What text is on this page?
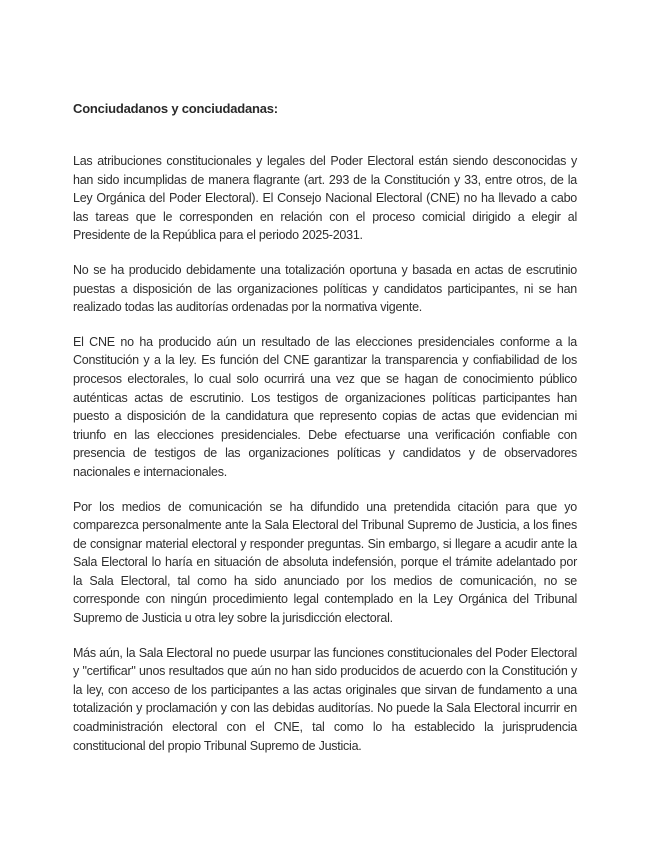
Conciudadanos y conciudadanas:

Las atribuciones constitucionales y legales del Poder Electoral están siendo desconocidas y han sido incumplidas de manera flagrante (art. 293 de la Constitución y 33, entre otros, de la Ley Orgánica del Poder Electoral). El Consejo Nacional Electoral (CNE) no ha llevado a cabo las tareas que le corresponden en relación con el proceso comicial dirigido a elegir al Presidente de la República para el periodo 2025-2031.

No se ha producido debidamente una totalización oportuna y basada en actas de escrutinio puestas a disposición de las organizaciones políticas y candidatos participantes, ni se han realizado todas las auditorías ordenadas por la normativa vigente.

El CNE no ha producido aún un resultado de las elecciones presidenciales conforme a la Constitución y a la ley. Es función del CNE garantizar la transparencia y confiabilidad de los procesos electorales, lo cual solo ocurrirá una vez que se hagan de conocimiento público auténticas actas de escrutinio. Los testigos de organizaciones políticas participantes han puesto a disposición de la candidatura que represento copias de actas que evidencian mi triunfo en las elecciones presidenciales. Debe efectuarse una verificación confiable con presencia de testigos de las organizaciones políticas y candidatos y de observadores nacionales e internacionales.

Por los medios de comunicación se ha difundido una pretendida citación para que yo comparezca personalmente ante la Sala Electoral del Tribunal Supremo de Justicia, a los fines de consignar material electoral y responder preguntas. Sin embargo, si llegare a acudir ante la Sala Electoral lo haría en situación de absoluta indefensión, porque el trámite adelantado por la Sala Electoral, tal como ha sido anunciado por los medios de comunicación, no se corresponde con ningún procedimiento legal contemplado en la Ley Orgánica del Tribunal Supremo de Justicia u otra ley sobre la jurisdicción electoral.

Más aún, la Sala Electoral no puede usurpar las funciones constitucionales del Poder Electoral y "certificar" unos resultados que aún no han sido producidos de acuerdo con la Constitución y la ley, con acceso de los participantes a las actas originales que sirvan de fundamento a una totalización y proclamación y con las debidas auditorías. No puede la Sala Electoral incurrir en coadministración electoral con el CNE, tal como lo ha establecido la jurisprudencia constitucional del propio Tribunal Supremo de Justicia.
